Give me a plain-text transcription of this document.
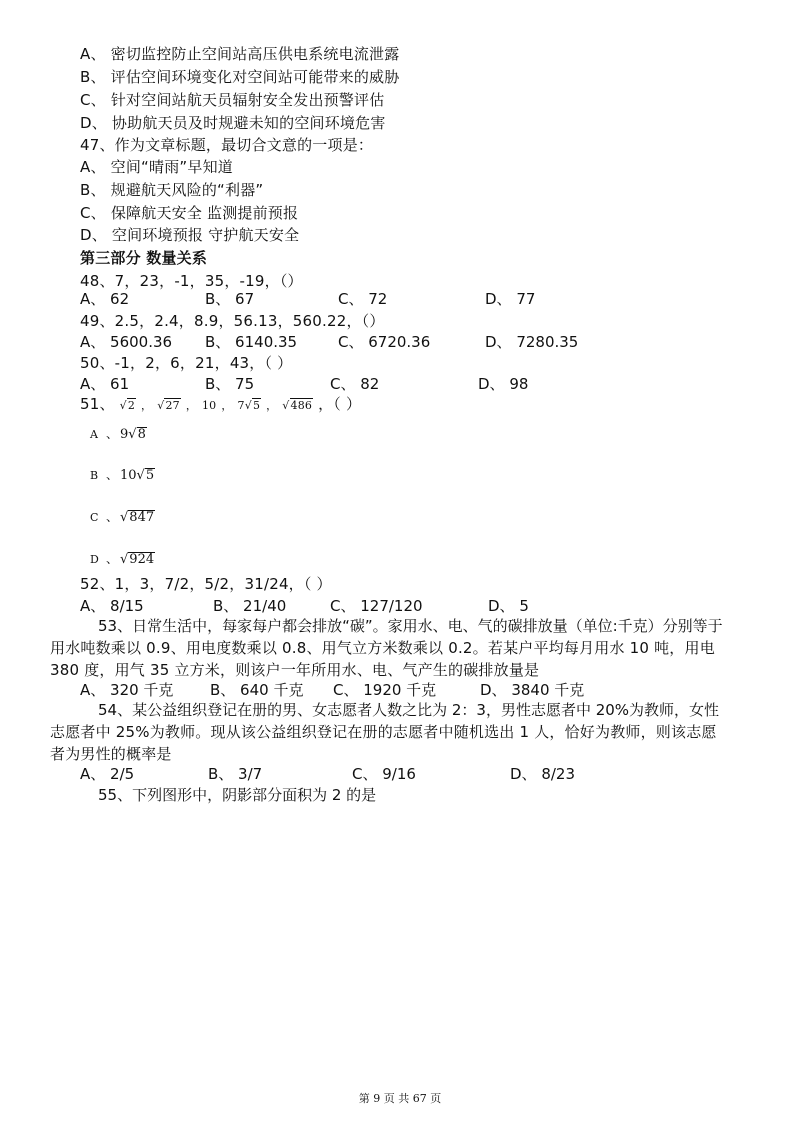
A、 密切监控防止空间站高压供电系统电流泄露
B、 评估空间环境变化对空间站可能带来的威胁
C、 针对空间站航天员辐射安全发出预警评估
D、 协助航天员及时规避未知的空间环境危害
47、作为文章标题，最切合文意的一项是：
A、 空间“晴雨”早知道
B、 规避航天风险的“利器”
C、 保障航天安全 监测提前预报
D、 空间环境预报 守护航天安全
第三部分 数量关系
48、7，23，-1，35，-19，（）
A、 62	B、 67	C、 72	D、 77
49、2.5，2.4，8.9，56.13，560.22，（）
A、 5600.36 B、 6140.35	C、 6720.36	D、 7280.35
50、-1，2，6，21，43，（ ）
A、 61	B、 75	C、 82	D、 98
51、 √2 ， √27 ， 10 ， 7√5 ， √486 ，（ ）
A 、 9√8
B 、 10√5
C 、 √847
D 、 √924
52、1，3，7/2，5/2，31/24，（ ）
A、 8/15	B、 21/40	C、 127/120	D、 5
53、日常生活中，每家每户都会排放“碳”。家用水、电、气的碳排放量（单位:千克）分别等于
用水吨数乘以 0.9、用电度数乘以 0.8、用气立方米数乘以 0.2。若某户平均每月用水 10 吨，用电
380 度，用气 35 立方米，则该户一年所用水、电、气产生的碳排放量是
A、 320 千克 B、 640 千克 C、 1920 千克	D、 3840 千克
54、某公益组织登记在册的男、女志愿者人数之比为 2：3，男性志愿者中 20%为教师，女性
志愿者中 25%为教师。现从该公益组织登记在册的志愿者中随机选出 1 人，恰好为教师，则该志愿
者为男性的概率是
A、 2/5	B、 3/7	C、 9/16	D、 8/23
55、下列图形中，阴影部分面积为 2 的是
第 9 页 共 67 页
